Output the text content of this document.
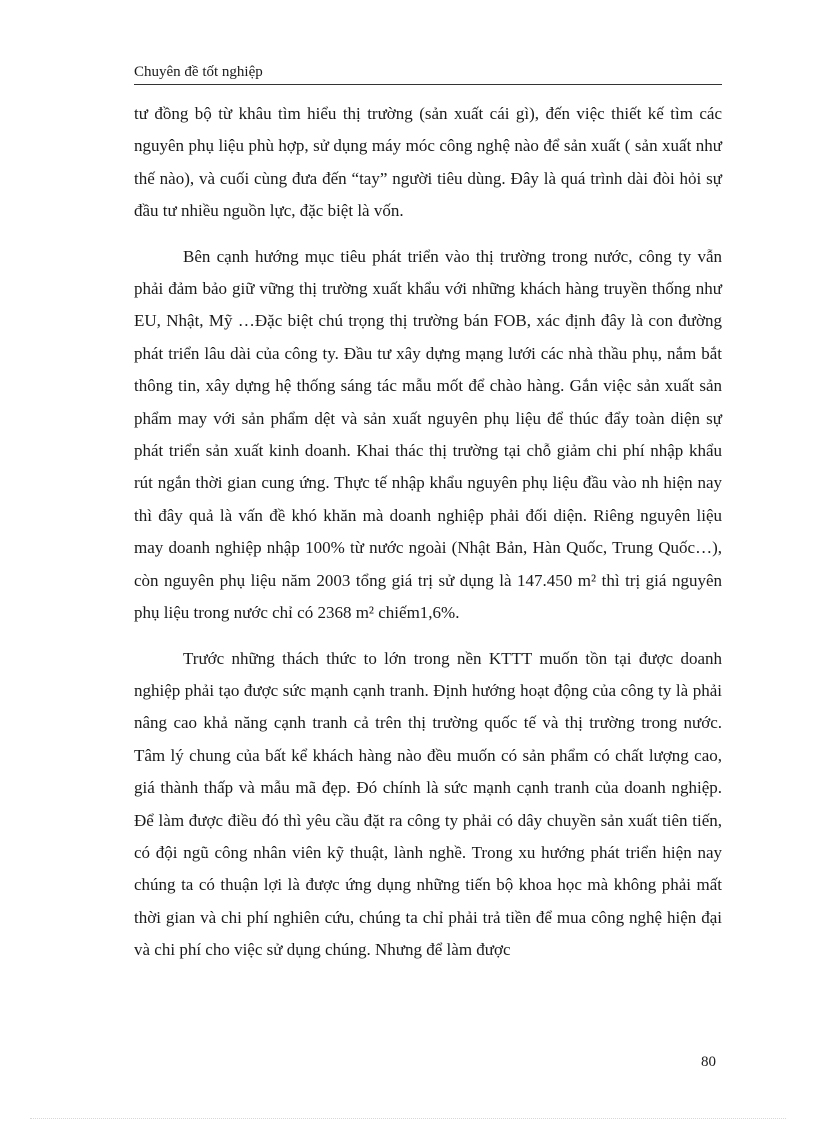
Chuyên đề tốt nghiệp

tư đồng bộ từ khâu tìm hiểu thị trường (sản xuất cái gì), đến việc thiết kế tìm các nguyên phụ liệu phù hợp, sử dụng máy móc công nghệ nào để sản xuất ( sản xuất như thế nào), và cuối cùng đưa đến “tay” người tiêu dùng. Đây là quá trình dài đòi hỏi sự đầu tư nhiều nguồn lực, đặc biệt là vốn.

Bên cạnh hướng mục tiêu phát triển vào thị trường trong nước, công ty vẫn phải đảm bảo giữ vững thị trường xuất khẩu với những khách hàng truyền thống như EU, Nhật, Mỹ …Đặc biệt chú trọng thị trường bán FOB, xác định đây là con đường phát triển lâu dài của công ty. Đầu tư xây dựng mạng lưới các nhà thầu phụ, nắm bắt thông tin, xây dựng hệ thống sáng tác mẫu mốt để chào hàng. Gắn việc sản xuất sản phẩm may với sản phẩm dệt và sản xuất nguyên phụ liệu để thúc đẩy toàn diện sự phát triển sản xuất kinh doanh. Khai thác thị trường tại chỗ giảm chi phí nhập khẩu rút ngắn thời gian cung ứng. Thực tế nhập khẩu nguyên phụ liệu đầu vào nh hiện nay thì đây quả là vấn đề khó khăn mà doanh nghiệp phải đối diện. Riêng nguyên liệu may doanh nghiệp nhập 100% từ nước ngoài (Nhật Bản, Hàn Quốc, Trung Quốc…), còn nguyên phụ liệu năm 2003 tổng giá trị sử dụng là 147.450 m² thì trị giá nguyên phụ liệu trong nước chỉ có 2368 m² chiếm1,6%.

Trước những thách thức to lớn trong nền KTTT muốn tồn tại được doanh nghiệp phải tạo được sức mạnh cạnh tranh. Định hướng hoạt động của công ty là phải nâng cao khả năng cạnh tranh cả trên thị trường quốc tế và thị trường trong nước. Tâm lý chung của bất kể khách hàng nào đều muốn có sản phẩm có chất lượng cao, giá thành thấp và mẫu mã đẹp. Đó chính là sức mạnh cạnh tranh của doanh nghiệp. Để làm được điều đó thì yêu cầu đặt ra công ty phải có dây chuyền sản xuất tiên tiến, có đội ngũ công nhân viên kỹ thuật, lành nghề. Trong xu hướng phát triển hiện nay chúng ta có thuận lợi là được ứng dụng những tiến bộ khoa học mà không phải mất thời gian và chi phí nghiên cứu, chúng ta chỉ phải trả tiền để mua công nghệ hiện đại và chi phí cho việc sử dụng chúng. Nhưng để làm được

80
